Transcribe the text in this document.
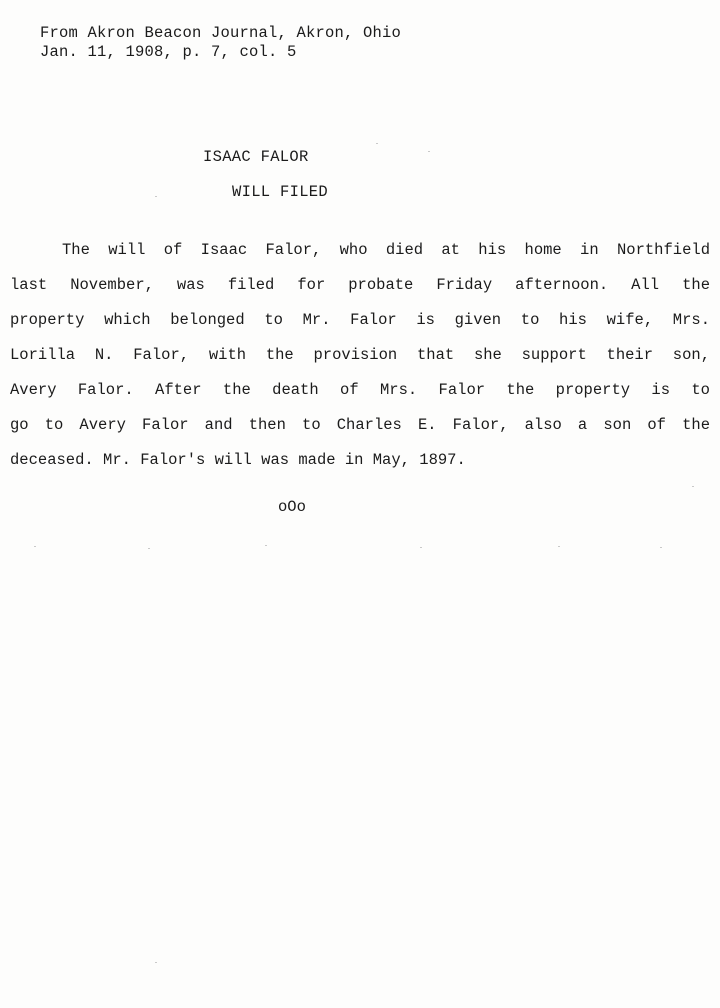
From Akron Beacon Journal, Akron, Ohio
Jan. 11, 1908, p. 7, col. 5
ISAAC FALOR
WILL FILED
The will of Isaac Falor, who died at his home in Northfield
last November, was filed for probate Friday afternoon. All the
property which belonged to Mr. Falor is given to his wife, Mrs.
Lorilla N. Falor, with the provision that she support their son,
Avery Falor. After the death of Mrs. Falor the property is to
go to Avery Falor and then to Charles E. Falor, also a son of the
deceased. Mr. Falor's will was made in May, 1897.
oOo
